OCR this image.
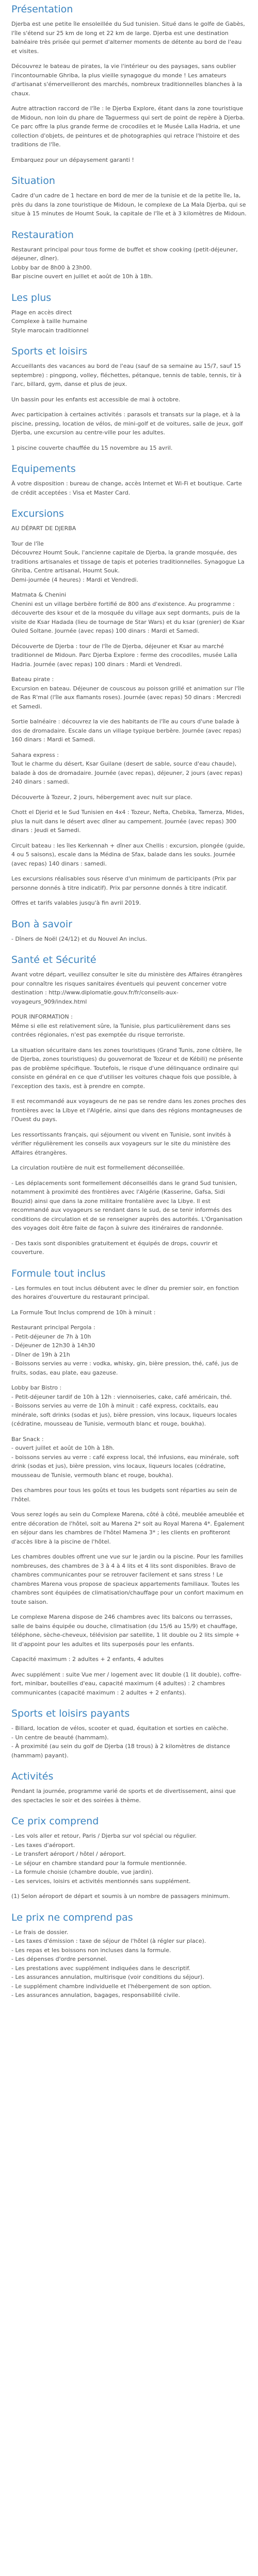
Présentation

Djerba est une petite île ensoleillée du Sud tunisien. Situé dans le golfe de Gabès, l'île s'étend sur 25 km de long et 22 km de large. Djerba est une destination balnéaire très prisée qui permet d'alterner moments de détente au bord de l'eau et visites.

Découvrez le bateau de pirates, la vie l'intérieur ou des paysages, sans oublier l'incontournable Ghriba, la plus vieille synagogue du monde ! Les amateurs d'artisanat s'émerveilleront des marchés, nombreux traditionnelles blanches à la chaux.

Autre attraction raccord de l'île : le Djerba Explore, étant dans la zone touristique de Midoun, non loin du phare de Taguermess qui sert de point de repère à Djerba. Ce parc offre la plus grande ferme de crocodiles et le Musée Lalla Hadria, et une collection d'objets, de peintures et de photographies qui retrace l'histoire et des traditions de l'île.

Embarquez pour un dépaysement garanti !

Situation

Cadre d'un cadre de 1 hectare en bord de mer de la tunisie et de la petite île, la, près du dans la zone touristique de Midoun, le complexe de La Mala Djerba, qui se situe à 15 minutes de Houmt Souk, la capitale de l'île et à 3 kilomètres de Midoun.

Restauration
Restaurant principal pour tous forme de buffet et show cooking (petit-déjeuner, déjeuner, dîner).
Lobby bar de 8h00 à 23h00.
Bar piscine ouvert en juillet et août de 10h à 18h.
Les plus
Plage en accès direct
Complexe à taille humaine
Style marocain traditionnel
Sports et loisirs

Accueillants des vacances au bord de l'eau (sauf de sa semaine au 15/7, sauf 15 septembre) : pingpong, volley, fléchettes, pétanque, tennis de table, tennis, tir à l'arc, billard, gym, danse et plus de jeux.

Un bassin pour les enfants est accessible de mai à octobre.

Avec participation à certaines activités : parasols et transats sur la plage, et à la piscine, pressing, location de vélos, de mini-golf et de voitures, salle de jeux, golf Djerba, une excursion au centre-ville pour les adultes.

1 piscine couverte chauffée du 15 novembre au 15 avril.

Equipements

À votre disposition : bureau de change, accès Internet et Wi-Fi et boutique. Carte de crédit acceptées : Visa et Master Card.

Excursions

AU DÉPART DE DJERBA

Tour de l'île
Découvrez Houmt Souk, l'ancienne capitale de Djerba, la grande mosquée, des traditions artisanales et tissage de tapis et poteries traditionnelles. Synagogue La Ghriba, Centre artisanal, Houmt Souk.
Demi-journée (4 heures) : Mardi et Vendredi.
Matmata & Chenini
Chenini est un village berbère fortifié de 800 ans d'existence. Au programme : découverte des ksour et de la mosquée du village aux sept dormants, puis de la visite de Ksar Hadada (lieu de tournage de Star Wars) et du ksar (grenier) de Ksar Ouled Soltane. Journée (avec repas) 100 dinars : Mardi et Samedi.

Découverte de Djerba : tour de l'île de Djerba, déjeuner et Ksar au marché traditionnel de Midoun. Parc Djerba Explore : ferme des crocodiles, musée Lalla Hadria. Journée (avec repas) 100 dinars : Mardi et Vendredi.

Bateau pirate :
Excursion en bateau. Déjeuner de couscous au poisson grillé et animation sur l'île de Ras R'mal (l'île aux flamants roses). Journée (avec repas) 50 dinars : Mercredi et Samedi.

Sortie balnéaire : découvrez la vie des habitants de l'île au cours d'une balade à dos de dromadaire. Escale dans un village typique berbère. Journée (avec repas) 160 dinars : Mardi et Samedi.

Sahara express :
Tout le charme du désert, Ksar Guilane (desert de sable, source d'eau chaude), balade à dos de dromadaire. Journée (avec repas), déjeuner, 2 jours (avec repas) 240 dinars : samedi.

Découverte à Tozeur, 2 jours, hébergement avec nuit sur place.

Chott el Djerid et le Sud Tunisien en 4x4 : Tozeur, Nefta, Chebika, Tamerza, Mides, plus la nuit dans le désert avec dîner au campement. Journée (avec repas) 300 dinars : Jeudi et Samedi.

Circuit bateau : les îles Kerkennah + dîner aux Chellis : excursion, plongée (guide, 4 ou 5 saisons), escale dans la Médina de Sfax, balade dans les souks. Journée (avec repas) 140 dinars : samedi.

Les excursions réalisables sous réserve d'un minimum de participants (Prix par personne donnés à titre indicatif). Prix par personne donnés à titre indicatif.

Offres et tarifs valables jusqu'à fin avril 2019.

Bon à savoir

- Dîners de Noël (24/12) et du Nouvel An inclus.

Santé et Sécurité

Avant votre départ, veuillez consulter le site du ministère des Affaires étrangères pour connaître les risques sanitaires éventuels qui peuvent concerner votre destination : http://www.diplomatie.gouv.fr/fr/conseils-aux-voyageurs_909/index.html

POUR INFORMATION :
Même si elle est relativement sûre, la Tunisie, plus particulièrement dans ses contrées régionales, n'est pas exemptée du risque terroriste.

La situation sécuritaire dans les zones touristiques (Grand Tunis, zone côtière, île de Djerba, zones touristiques) du gouvernorat de Tozeur et de Kébili) ne présente pas de problème spécifique. Toutefois, le risque d'une délinquance ordinaire qui consiste en général en ce que d'utiliser les voitures chaque fois que possible, à l'exception des taxis, est à prendre en compte.

Il est recommandé aux voyageurs de ne pas se rendre dans les zones proches des frontières avec la Libye et l'Algérie, ainsi que dans des régions montagneuses de l'Ouest du pays.

Les ressortissants français, qui séjournent ou vivent en Tunisie, sont invités à vérifier régulièrement les conseils aux voyageurs sur le site du ministère des Affaires étrangères.

La circulation routière de nuit est formellement déconseillée.

- Les déplacements sont formellement déconseillés dans le grand Sud tunisien, notamment à proximité des frontières avec l'Algérie (Kasserine, Gafsa, Sidi Bouzid) ainsi que dans la zone militaire frontalière avec la Libye. Il est recommandé aux voyageurs se rendant dans le sud, de se tenir informés des conditions de circulation et de se renseigner auprès des autorités. L'Organisation des voyages doit être faite de façon à suivre des itinéraires de randonnée.

- Des taxis sont disponibles gratuitement et équipés de drops, couvrir et couverture.

Formule tout inclus

- Les formules en tout inclus débutent avec le dîner du premier soir, en fonction des horaires d'ouverture du restaurant principal.

La Formule Tout Inclus comprend de 10h à minuit :

Restaurant principal Pergola :
- Petit-déjeuner de 7h à 10h
- Déjeuner de 12h30 à 14h30
- Dîner de 19h à 21h
- Boissons servies au verre : vodka, whisky, gin, bière pression, thé, café, jus de fruits, sodas, eau plate, eau gazeuse.
Lobby bar Bistro :
- Petit-déjeuner tardif de 10h à 12h : viennoiseries, cake, café américain, thé.
- Boissons servies au verre de 10h à minuit : café express, cocktails, eau minérale, soft drinks (sodas et jus), bière pression, vins locaux, liqueurs locales (cédratine, mousseau de Tunisie, vermouth blanc et rouge, boukha).

Bar Snack :

- ouvert juillet et août de 10h à 18h.
- boissons servies au verre : café express local, thé infusions, eau minérale, soft drink (sodas et jus), bière pression, vins locaux, liqueurs locales (cédratine, mousseau de Tunisie, vermouth blanc et rouge, boukha).

Des chambres pour tous les goûts et tous les budgets sont réparties au sein de l'hôtel.

Vous serez logés au sein du Complexe Marena, côté à côté, meublée ameublée et entre décoration de l'hôtel, soit au Marena 2* soit au Royal Marena 4*. Également en séjour dans les chambres de l'hôtel Mamena 3* ; les clients en profiteront d'accès libre à la piscine de l'hôtel.

Les chambres doubles offrent une vue sur le jardin ou la piscine. Pour les familles nombreuses, des chambres de 3 à 4 à 4 lits et 4 lits sont disponibles. Bravo de chambres communicantes pour se retrouver facilement et sans stress ! Le chambres Marena vous propose de spacieux appartements familiaux. Toutes les chambres sont équipées de climatisation/chauffage pour un confort maximum en toute saison.

Le complexe Marena dispose de 246 chambres avec lits balcons ou terrasses, salle de bains équipée ou douche, climatisation (du 15/6 au 15/9) et chauffage, téléphone, sèche-cheveux, télévision par satellite, 1 lit double ou 2 lits simple + lit d'appoint pour les adultes et lits superposés pour les enfants.

Capacité maximum : 2 adultes + 2 enfants, 4 adultes

Avec supplément : suite Vue mer / logement avec lit double (1 lit double), coffre-fort, minibar, bouteilles d'eau, capacité maximum (4 adultes) : 2 chambres communicantes (capacité maximum : 2 adultes + 2 enfants).

Sports et loisirs payants
- Billard, location de vélos, scooter et quad, équitation et sorties en calèche.
- Un centre de beauté (hammam).
- À proximité (au sein du golf de Djerba (18 trous) à 2 kilomètres de distance (hammam) payant).
Activités

Pendant la journée, programme varié de sports et de divertissement, ainsi que des spectacles le soir et des soirées à thème.

Ce prix comprend
- Les vols aller et retour, Paris / Djerba sur vol spécial ou régulier.
- Les taxes d'aéroport.
- Le transfert aéroport / hôtel / aéroport.
- Le séjour en chambre standard pour la formule mentionnée.
- La formule choisie (chambre double, vue jardin).
- Les services, loisirs et activités mentionnés sans supplément.

(1) Selon aéroport de départ et soumis à un nombre de passagers minimum.

Le prix ne comprend pas
- Le frais de dossier.
- Les taxes d'émission : taxe de séjour de l'hôtel (à régler sur place).
- Les repas et les boissons non incluses dans la formule.
- Les dépenses d'ordre personnel.
- Les prestations avec supplément indiquées dans le descriptif.
- Les assurances annulation, multirisque (voir conditions du séjour).
- Le supplément chambre individuelle et l'hébergement de son option.
- Les assurances annulation, bagages, responsabilité civile.
